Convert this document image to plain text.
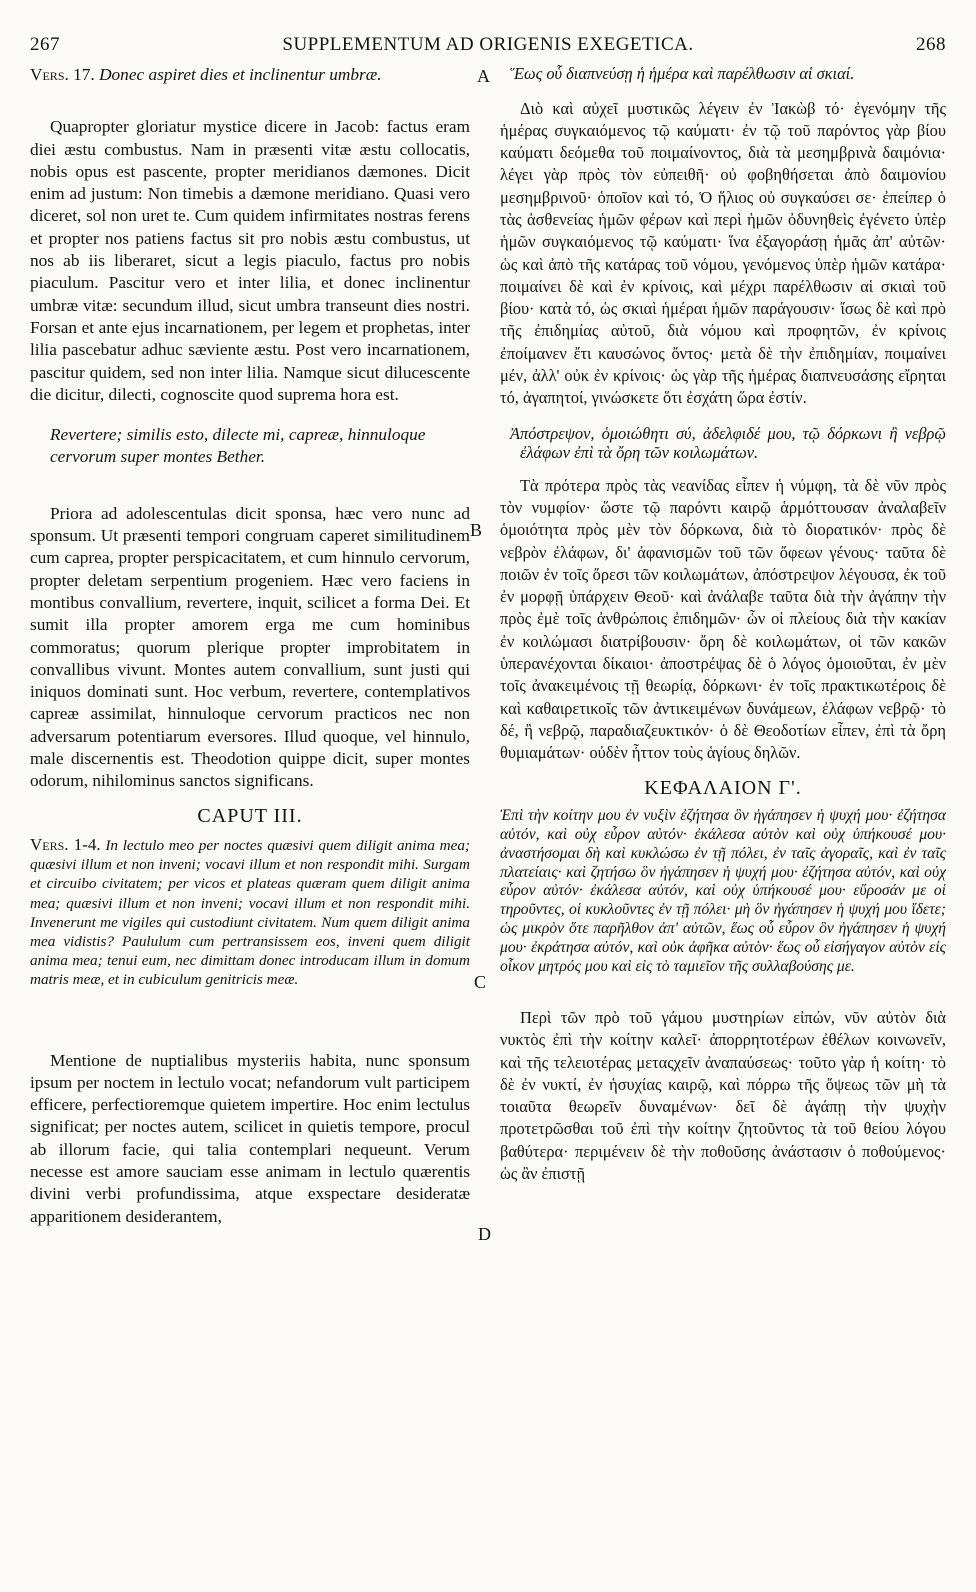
267	SUPPLEMENTUM AD ORIGENIS EXEGETICA.	268
A
B
C
D

Vers. 17. Donec aspiret dies et inclinentur umbræ.

Quapropter gloriatur mystice dicere in Jacob: factus eram diei æstu combustus. Nam in præsenti vitæ æstu collocatis, nobis opus est pascente, propter meridianos dæmones. Dicit enim ad justum: Non timebis a dæmone meridiano. Quasi vero diceret, sol non uret te. Cum quidem infirmitates nostras ferens et propter nos patiens factus sit pro nobis æstu combustus, ut nos ab iis liberaret, sicut a legis piaculo, factus pro nobis piaculum. Pascitur vero et inter lilia, et donec inclinentur umbræ vitæ: secundum illud, sicut umbra transeunt dies nostri. Forsan et ante ejus incarnationem, per legem et prophetas, inter lilia pascebatur adhuc sæviente æstu. Post vero incarnationem, pascitur quidem, sed non inter lilia. Namque sicut dilucescente die dicitur, dilecti, cognoscite quod suprema hora est.

Revertere; similis esto, dilecte mi, capreæ, hinnuloque cervorum super montes Bether.

Priora ad adolescentulas dicit sponsa, hæc vero nunc ad sponsum. Ut præsenti tempori congruam caperet similitudinem cum caprea, propter perspicacitatem, et cum hinnulo cervorum, propter deletam serpentium progeniem. Hæc vero faciens in montibus convallium, revertere, inquit, scilicet a forma Dei. Et sumit illa propter amorem erga me cum hominibus commoratus; quorum plerique propter improbitatem in convallibus vivunt. Montes autem convallium, sunt justi qui iniquos dominati sunt. Hoc verbum, revertere, contemplativos capreæ assimilat, hinnuloque cervorum practicos nec non adversarum potentiarum eversores. Illud quoque, vel hinnulo, male discernentis est. Theodotion quippe dicit, super montes odorum, nihilominus sanctos significans.

CAPUT III.

Vers. 1-4. In lectulo meo per noctes quæsivi quem diligit anima mea; quæsivi illum et non inveni; vocavi illum et non respondit mihi. Surgam et circuibo civitatem; per vicos et plateas quæram quem diligit anima mea; quæsivi illum et non inveni; vocavi illum et non respondit mihi. Invenerunt me vigiles qui custodiunt civitatem. Num quem diligit anima mea vidistis? Paululum cum pertransissem eos, inveni quem diligit anima mea; tenui eum, nec dimittam donec introducam illum in domum matris meæ, et in cubiculum genitricis meæ.

Mentione de nuptialibus mysteriis habita, nunc sponsum ipsum per noctem in lectulo vocat; nefandorum vult participem efficere, perfectioremque quietem impertire. Hoc enim lectulus significat; per noctes autem, scilicet in quietis tempore, procul ab illorum facie, qui talia contemplari nequeunt. Verum necesse est amore sauciam esse animam in lectulo quærentis divini verbi profundissima, atque exspectare desideratæ apparitionem desiderantem,

Ἕως οὗ διαπνεύσῃ ἡ ἡμέρα καὶ παρέλθωσιν αἱ σκιαί.

Διὸ καὶ αὐχεῖ μυστικῶς λέγειν ἐν Ἰακὼβ τό· ἐγενόμην τῆς ἡμέρας συγκαιόμενος τῷ καύματι· ἐν τῷ τοῦ παρόντος γὰρ βίου καύματι δεόμεθα τοῦ ποιμαίνοντος, διὰ τὰ μεσημβρινὰ δαιμόνια· λέγει γὰρ πρὸς τὸν εὐπειθῆ· οὐ φοβηθήσεται ἀπὸ δαιμονίου μεσημβρινοῦ· ὁποῖον καὶ τό, Ὁ ἥλιος οὐ συγκαύσει σε· ἐπείπερ ὁ τὰς ἀσθενείας ἡμῶν φέρων καὶ περὶ ἡμῶν ὀδυνηθεὶς ἐγένετο ὑπὲρ ἡμῶν συγκαιόμενος τῷ καύματι· ἵνα ἐξαγοράσῃ ἡμᾶς ἀπ' αὐτῶν· ὡς καὶ ἀπὸ τῆς κατάρας τοῦ νόμου, γενόμενος ὑπὲρ ἡμῶν κατάρα· ποιμαίνει δὲ καὶ ἐν κρίνοις, καὶ μέχρι παρέλθωσιν αἱ σκιαὶ τοῦ βίου· κατὰ τό, ὡς σκιαὶ ἡμέραι ἡμῶν παράγουσιν· ἴσως δὲ καὶ πρὸ τῆς ἐπιδημίας αὐτοῦ, διὰ νόμου καὶ προφητῶν, ἐν κρίνοις ἐποίμανεν ἔτι καυσώνος ὄντος· μετὰ δὲ τὴν ἐπιδημίαν, ποιμαίνει μέν, ἀλλ' οὐκ ἐν κρίνοις· ὡς γὰρ τῆς ἡμέρας διαπνευσάσης εἴρηται τό, ἀγαπητοί, γινώσκετε ὅτι ἐσχάτη ὥρα ἐστίν.

Ἀπόστρεψον, ὁμοιώθητι σύ, ἀδελφιδέ μου, τῷ δόρκωνι ἢ νεβρῷ ἐλάφων ἐπὶ τὰ ὄρη τῶν κοιλωμάτων.

Τὰ πρότερα πρὸς τὰς νεανίδας εἶπεν ἡ νύμφη, τὰ δὲ νῦν πρὸς τὸν νυμφίον· ὥστε τῷ παρόντι καιρῷ ἁρμόττουσαν ἀναλαβεῖν ὁμοιότητα πρὸς μὲν τὸν δόρκωνα, διὰ τὸ διορατικόν· πρὸς δὲ νεβρὸν ἐλάφων, δι' ἀφανισμῶν τοῦ τῶν ὄφεων γένους· ταῦτα δὲ ποιῶν ἐν τοῖς ὄρεσι τῶν κοιλωμάτων, ἀπόστρεψον λέγουσα, ἐκ τοῦ ἐν μορφῇ ὑπάρχειν Θεοῦ· καὶ ἀνάλαβε ταῦτα διὰ τὴν ἀγάπην τὴν πρὸς ἐμὲ τοῖς ἀνθρώποις ἐπιδημῶν· ὧν οἱ πλείους διὰ τὴν κακίαν ἐν κοιλώμασι διατρίβουσιν· ὄρη δὲ κοιλωμάτων, οἱ τῶν κακῶν ὑπερανέχονται δίκαιοι· ἀποστρέψας δὲ ὁ λόγος ὁμοιοῦται, ἐν μὲν τοῖς ἀνακειμένοις τῇ θεωρίᾳ, δόρκωνι· ἐν τοῖς πρακτικωτέροις δὲ καὶ καθαιρετικοῖς τῶν ἀντικειμένων δυνάμεων, ἐλάφων νεβρῷ· τὸ δέ, ἢ νεβρῷ, παραδιαζευκτικόν· ὁ δὲ Θεοδοτίων εἶπεν, ἐπὶ τὰ ὄρη θυμιαμάτων· οὐδὲν ἧττον τοὺς ἁγίους δηλῶν.

ΚΕΦΑΛΑΙΟΝ Γ'.

Ἐπὶ τὴν κοίτην μου ἐν νυξὶν ἐζήτησα ὃν ἠγάπησεν ἡ ψυχή μου· ἐζήτησα αὐτόν, καὶ οὐχ εὗρον αὐτόν· ἐκάλεσα αὐτὸν καὶ οὐχ ὑπήκουσέ μου· ἀναστήσομαι δὴ καὶ κυκλώσω ἐν τῇ πόλει, ἐν ταῖς ἀγοραῖς, καὶ ἐν ταῖς πλατείαις· καὶ ζητήσω ὃν ἠγάπησεν ἡ ψυχή μου· ἐζήτησα αὐτόν, καὶ οὐχ εὗρον αὐτόν· ἐκάλεσα αὐτόν, καὶ οὐχ ὑπήκουσέ μου· εὕροσάν με οἱ τηροῦντες, οἱ κυκλοῦντες ἐν τῇ πόλει· μὴ ὃν ἠγάπησεν ἡ ψυχή μου ἴδετε; ὡς μικρὸν ὅτε παρῆλθον ἀπ' αὐτῶν, ἕως οὗ εὗρον ὃν ἠγάπησεν ἡ ψυχή μου· ἐκράτησα αὐτόν, καὶ οὐκ ἀφῆκα αὐτὸν· ἕως οὗ εἰσήγαγον αὐτὸν εἰς οἶκον μητρός μου καὶ εἰς τὸ ταμιεῖον τῆς συλλαβούσης με.

Περὶ τῶν πρὸ τοῦ γάμου μυστηρίων εἰπών, νῦν αὐτὸν διὰ νυκτὸς ἐπὶ τὴν κοίτην καλεῖ· ἀπορρητοτέρων ἐθέλων κοινωνεῖν, καὶ τῆς τελειοτέρας μεταςχεῖν ἀναπαύσεως· τοῦτο γὰρ ἡ κοίτη· τὸ δὲ ἐν νυκτί, ἐν ἡσυχίας καιρῷ, καὶ πόρρω τῆς ὄψεως τῶν μὴ τὰ τοιαῦτα θεωρεῖν δυναμένων· δεῖ δὲ ἀγάπῃ τὴν ψυχὴν προτετρῶσθαι τοῦ ἐπὶ τὴν κοίτην ζητοῦντος τὰ τοῦ θείου λόγου βαθύτερα· περιμένειν δὲ τὴν ποθοῦσης ἀνάστασιν ὁ ποθούμενος· ὡς ἂν ἐπιστῇ
